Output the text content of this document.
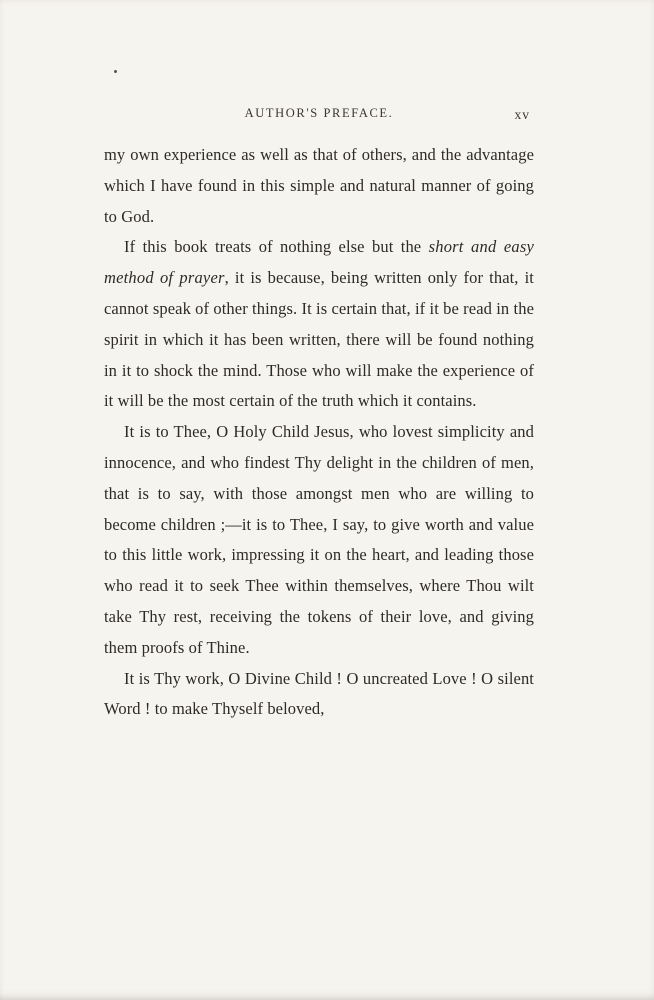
AUTHOR'S PREFACE.	xv

my own experience as well as that of others, and the advantage which I have found in this simple and natural manner of going to God.

If this book treats of nothing else but the short and easy method of prayer, it is because, being written only for that, it cannot speak of other things. It is certain that, if it be read in the spirit in which it has been written, there will be found nothing in it to shock the mind. Those who will make the experience of it will be the most certain of the truth which it contains.

It is to Thee, O Holy Child Jesus, who lovest simplicity and innocence, and who findest Thy delight in the children of men, that is to say, with those amongst men who are willing to become children ;—it is to Thee, I say, to give worth and value to this little work, impressing it on the heart, and leading those who read it to seek Thee within themselves, where Thou wilt take Thy rest, receiving the tokens of their love, and giving them proofs of Thine.

It is Thy work, O Divine Child ! O uncreated Love ! O silent Word ! to make Thyself beloved,
